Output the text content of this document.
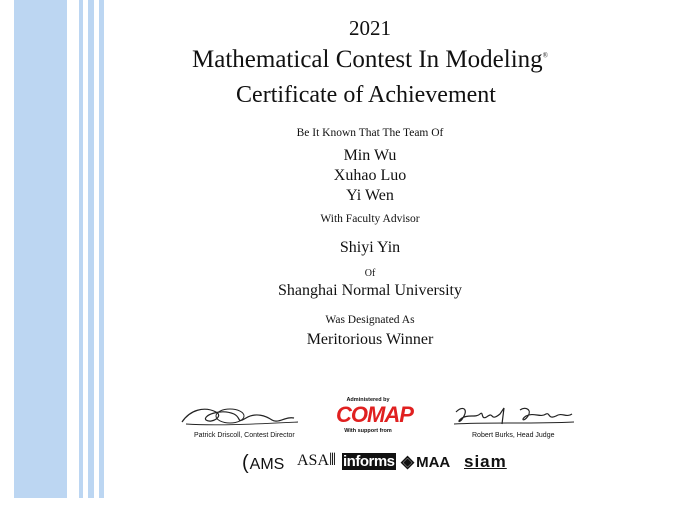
2021
Mathematical Contest In Modeling®
Certificate of Achievement
Be It Known That The Team Of
Min Wu
Xuhao Luo
Yi Wen
With Faculty Advisor
Shiyi Yin
Of
Shanghai Normal University
Was Designated As
Meritorious Winner
Patrick Driscoll, Contest Director
Administered by
COMAP
With support from
Robert Burks, Head Judge
(AMS ASA⦀ informs ◈ MAA siam
